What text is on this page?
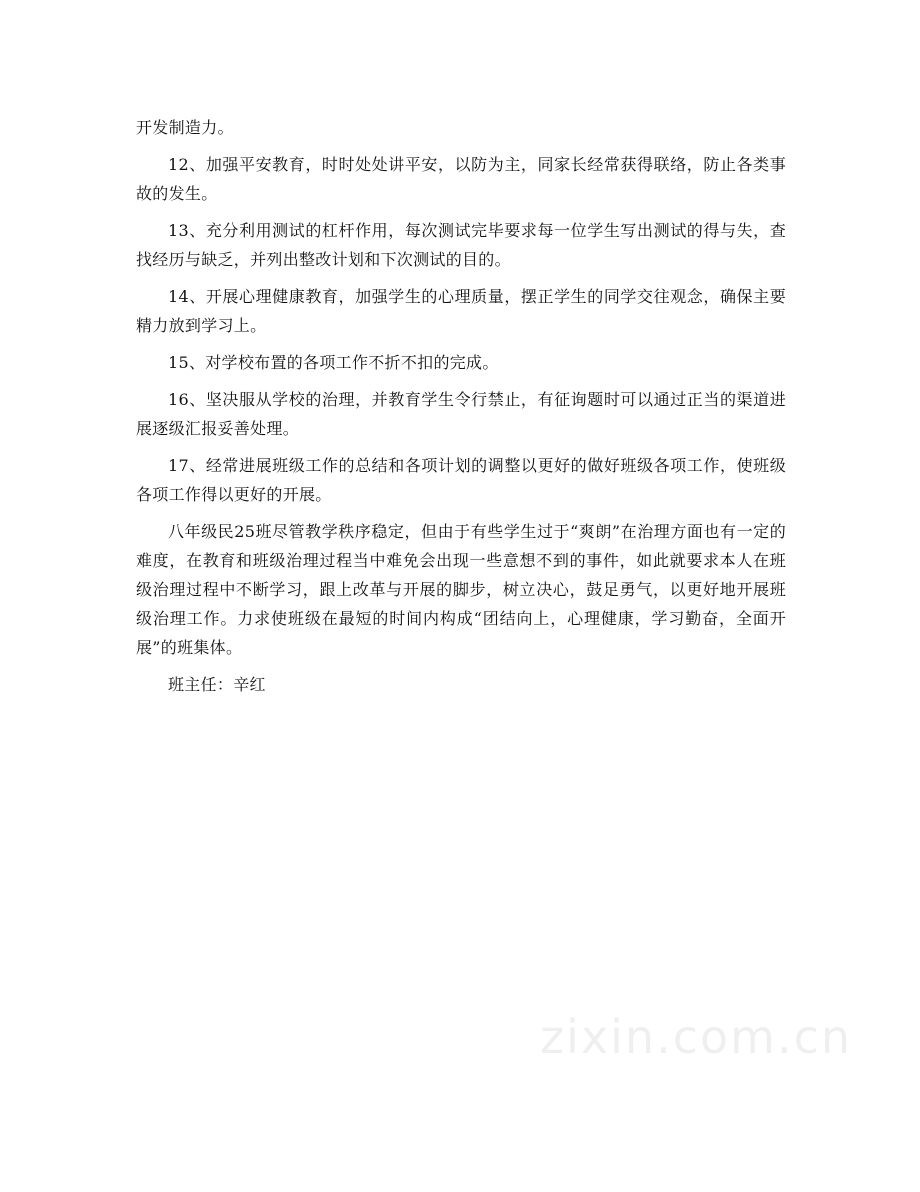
开发制造力。

12、加强平安教育，时时处处讲平安，以防为主，同家长经常获得联络，防止各类事故的发生。

13、充分利用测试的杠杆作用，每次测试完毕要求每一位学生写出测试的得与失，查找经历与缺乏，并列出整改计划和下次测试的目的。

14、开展心理健康教育，加强学生的心理质量，摆正学生的同学交往观念，确保主要精力放到学习上。

15、对学校布置的各项工作不折不扣的完成。

16、坚决服从学校的治理，并教育学生令行禁止，有征询题时可以通过正当的渠道进展逐级汇报妥善处理。

17、经常进展班级工作的总结和各项计划的调整以更好的做好班级各项工作，使班级各项工作得以更好的开展。

八年级民25班尽管教学秩序稳定，但由于有些学生过于“爽朗”在治理方面也有一定的难度，在教育和班级治理过程当中难免会出现一些意想不到的事件，如此就要求本人在班级治理过程中不断学习，跟上改革与开展的脚步，树立决心，鼓足勇气，以更好地开展班级治理工作。力求使班级在最短的时间内构成“团结向上，心理健康，学习勤奋，全面开展”的班集体。

班主任：辛红

zixin.com.cn
